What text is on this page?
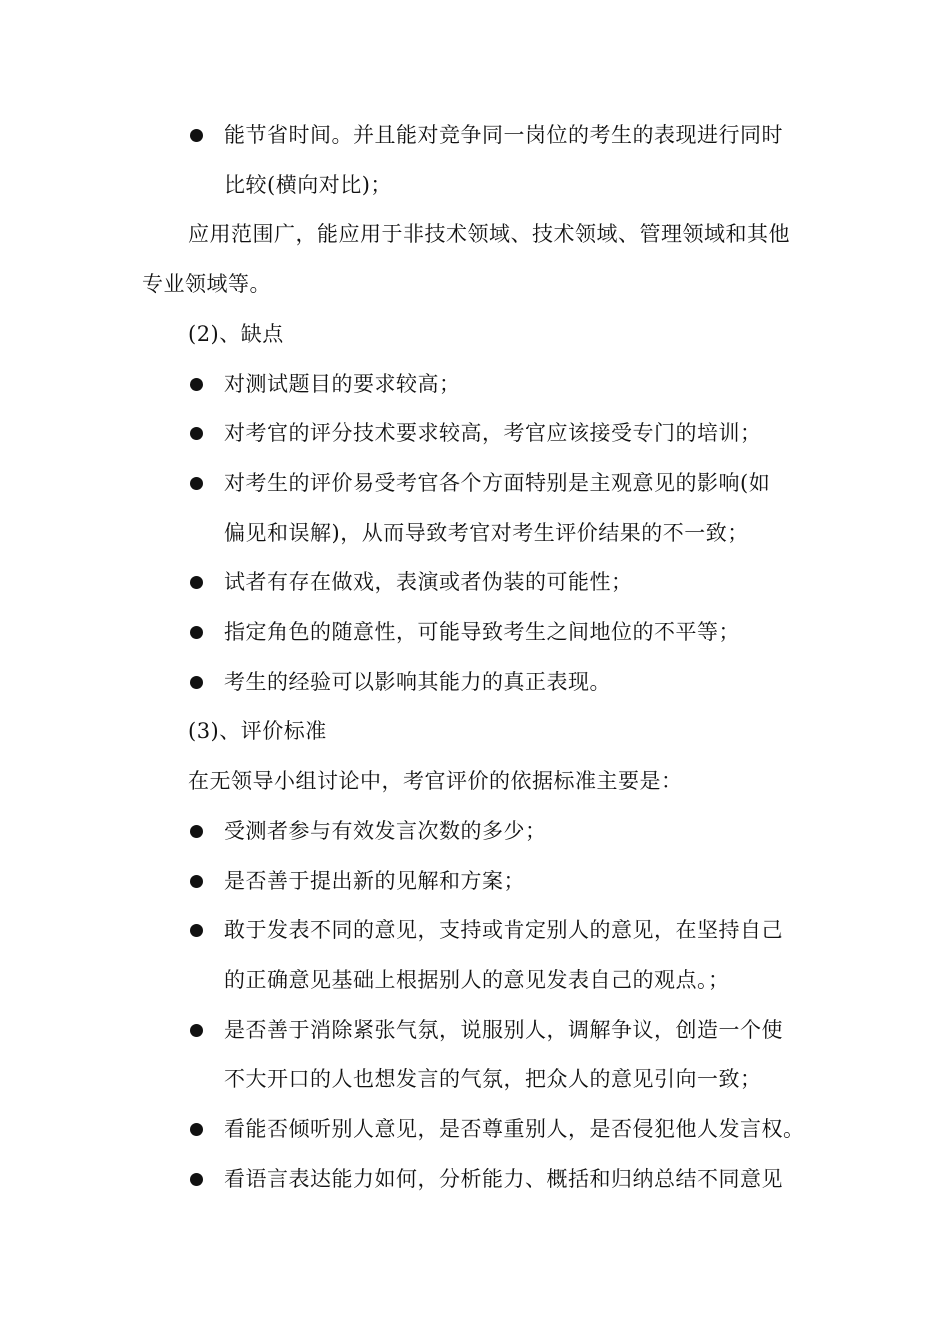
能节省时间。并且能对竞争同一岗位的考生的表现进行同时
比较(横向对比)；
应用范围广，能应用于非技术领域、技术领域、管理领域和其他
专业领域等。
(2)、缺点
对测试题目的要求较高；
对考官的评分技术要求较高，考官应该接受专门的培训；
对考生的评价易受考官各个方面特别是主观意见的影响(如
偏见和误解)，从而导致考官对考生评价结果的不一致；
试者有存在做戏，表演或者伪装的可能性；
指定角色的随意性，可能导致考生之间地位的不平等；
考生的经验可以影响其能力的真正表现。
(3)、评价标准
在无领导小组讨论中，考官评价的依据标准主要是：
受测者参与有效发言次数的多少；
是否善于提出新的见解和方案；
敢于发表不同的意见，支持或肯定别人的意见，在坚持自己
的正确意见基础上根据别人的意见发表自己的观点。；
是否善于消除紧张气氛，说服别人，调解争议，创造一个使
不大开口的人也想发言的气氛，把众人的意见引向一致；
看能否倾听别人意见，是否尊重别人，是否侵犯他人发言权。
看语言表达能力如何，分析能力、概括和归纳总结不同意见
